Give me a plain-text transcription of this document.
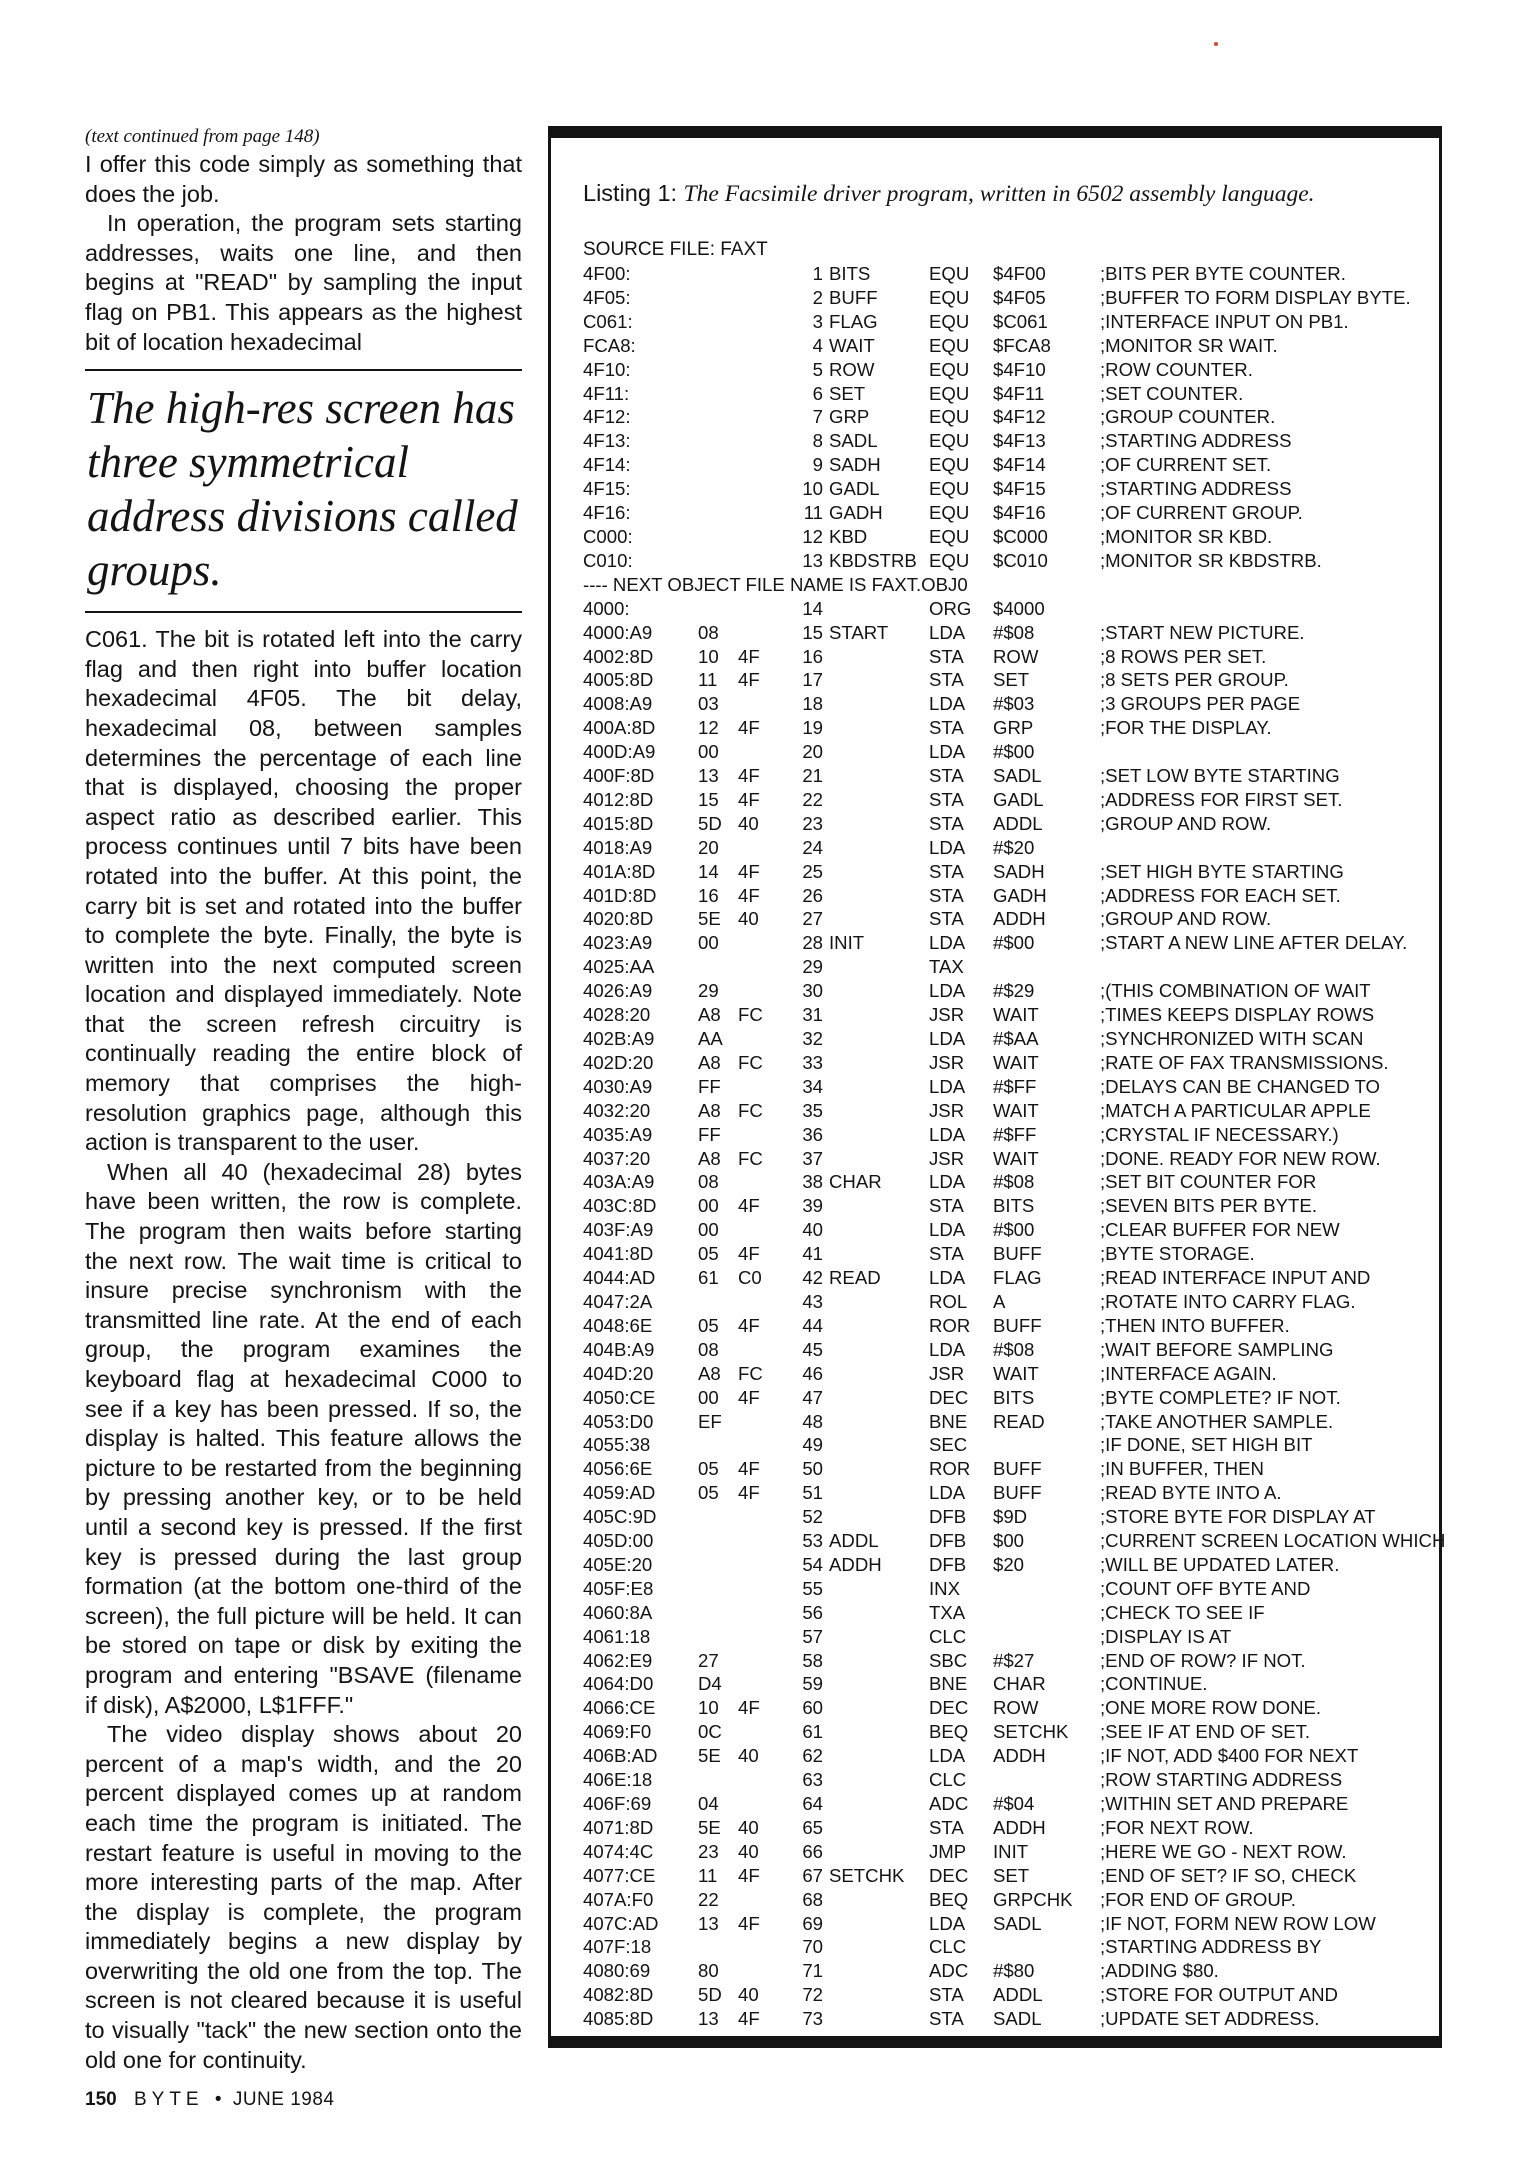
(text continued from page 148)

I offer this code simply as something that does the job.

In operation, the program sets starting addresses, waits one line, and then begins at "READ" by sampling the input flag on PB1. This appears as the highest bit of location hexadecimal

The high-res screen has three symmetrical address divisions called groups.

C061. The bit is rotated left into the carry flag and then right into buffer location hexadecimal 4F05. The bit delay, hexadecimal 08, between samples determines the percentage of each line that is displayed, choosing the proper aspect ratio as described earlier. This process continues until 7 bits have been rotated into the buffer. At this point, the carry bit is set and rotated into the buffer to complete the byte. Finally, the byte is written into the next computed screen location and displayed immediately. Note that the screen refresh circuitry is continually reading the entire block of memory that comprises the high-resolution graphics page, although this action is transparent to the user.

When all 40 (hexadecimal 28) bytes have been written, the row is complete. The program then waits before starting the next row. The wait time is critical to insure precise synchronism with the transmitted line rate. At the end of each group, the program examines the keyboard flag at hexadecimal C000 to see if a key has been pressed. If so, the display is halted. This feature allows the picture to be restarted from the beginning by pressing another key, or to be held until a second key is pressed. If the first key is pressed during the last group formation (at the bottom one-third of the screen), the full picture will be held. It can be stored on tape or disk by exiting the program and entering "BSAVE (filename if disk), A$2000, L$1FFF."

The video display shows about 20 percent of a map's width, and the 20 percent displayed comes up at random each time the program is initiated. The restart feature is useful in moving to the more interesting parts of the map. After the display is complete, the program immediately begins a new display by overwriting the old one from the top. The screen is not cleared because it is useful to visually "tack" the new section onto the old one for continuity.

Listing 1: The Facsimile driver program, written in 6502 assembly language.
SOURCE FILE: FAXT
4F00:	1 BITS	EQU	$4F00	;BITS PER BYTE COUNTER.
4F05:	2 BUFF	EQU	$4F05	;BUFFER TO FORM DISPLAY BYTE.
C061:	3 FLAG	EQU	$C061	;INTERFACE INPUT ON PB1.
FCA8:	4 WAIT	EQU	$FCA8	;MONITOR SR WAIT.
4F10:	5 ROW	EQU	$4F10	;ROW COUNTER.
4F11:	6 SET	EQU	$4F11	;SET COUNTER.
4F12:	7 GRP	EQU	$4F12	;GROUP COUNTER.
4F13:	8 SADL	EQU	$4F13	;STARTING ADDRESS
4F14:	9 SADH	EQU	$4F14	;OF CURRENT SET.
4F15:	10 GADL	EQU	$4F15	;STARTING ADDRESS
4F16:	11 GADH	EQU	$4F16	;OF CURRENT GROUP.
C000:	12 KBD	EQU	$C000	;MONITOR SR KBD.
C010:	13 KBDSTRB EQU	$C010	;MONITOR SR KBDSTRB.
---- NEXT OBJECT FILE NAME IS FAXT.OBJ0
4000:	14	ORG	$4000
4000:A9	08	15 START	LDA	#$08	;START NEW PICTURE.
4002:8D	10	4F	16	STA	ROW	;8 ROWS PER SET.
4005:8D	11	4F	17	STA	SET	;8 SETS PER GROUP.
4008:A9	03	18	LDA	#$03	;3 GROUPS PER PAGE
400A:8D	12	4F	19	STA	GRP	;FOR THE DISPLAY.
400D:A9	00	20	LDA	#$00
400F:8D	13	4F	21	STA	SADL	;SET LOW BYTE STARTING
4012:8D	15	4F	22	STA	GADL	;ADDRESS FOR FIRST SET.
4015:8D	5D 40	23	STA	ADDL	;GROUP AND ROW.
4018:A9	20	24	LDA	#$20
401A:8D	14	4F	25	STA	SADH	;SET HIGH BYTE STARTING
401D:8D	16	4F	26	STA	GADH	;ADDRESS FOR EACH SET.
4020:8D	5E 40	27	STA	ADDH	;GROUP AND ROW.
4023:A9	00	28 INIT	LDA	#$00	;START A NEW LINE AFTER DELAY.
4025:AA	29	TAX
4026:A9	29	30	LDA	#$29	;(THIS COMBINATION OF WAIT
4028:20	A8 FC	31	JSR	WAIT	;TIMES KEEPS DISPLAY ROWS
402B:A9	AA	32	LDA	#$AA	;SYNCHRONIZED WITH SCAN
402D:20	A8 FC	33	JSR	WAIT	;RATE OF FAX TRANSMISSIONS.
4030:A9	FF	34	LDA	#$FF	;DELAYS CAN BE CHANGED TO
4032:20	A8 FC	35	JSR	WAIT	;MATCH A PARTICULAR APPLE
4035:A9	FF	36	LDA	#$FF	;CRYSTAL IF NECESSARY.)
4037:20	A8 FC	37	JSR	WAIT	;DONE. READY FOR NEW ROW.
403A:A9	08	38 CHAR	LDA	#$08	;SET BIT COUNTER FOR
403C:8D	00	4F	39	STA	BITS	;SEVEN BITS PER BYTE.
403F:A9	00	40	LDA	#$00	;CLEAR BUFFER FOR NEW
4041:8D	05	4F	41	STA	BUFF	;BYTE STORAGE.
4044:AD	61	C0	42 READ	LDA	FLAG	;READ INTERFACE INPUT AND
4047:2A	43	ROL	A	;ROTATE INTO CARRY FLAG.
4048:6E	05	4F	44	ROR	BUFF	;THEN INTO BUFFER.
404B:A9	08	45	LDA	#$08	;WAIT BEFORE SAMPLING
404D:20	A8 FC	46	JSR	WAIT	;INTERFACE AGAIN.
4050:CE	00	4F	47	DEC	BITS	;BYTE COMPLETE? IF NOT.
4053:D0	EF	48	BNE	READ	;TAKE ANOTHER SAMPLE.
4055:38	49	SEC	;IF DONE, SET HIGH BIT
4056:6E	05	4F	50	ROR	BUFF	;IN BUFFER, THEN
4059:AD	05	4F	51	LDA	BUFF	;READ BYTE INTO A.
405C:9D	52	DFB	$9D	;STORE BYTE FOR DISPLAY AT
405D:00	53 ADDL	DFB	$00	;CURRENT SCREEN LOCATION WHICH
405E:20	54 ADDH	DFB	$20	;WILL BE UPDATED LATER.
405F:E8	55	INX	;COUNT OFF BYTE AND
4060:8A	56	TXA	;CHECK TO SEE IF
4061:18	57	CLC	;DISPLAY IS AT
4062:E9	27	58	SBC	#$27	;END OF ROW? IF NOT.
4064:D0	D4	59	BNE	CHAR	;CONTINUE.
4066:CE	10	4F	60	DEC	ROW	;ONE MORE ROW DONE.
4069:F0	0C	61	BEQ	SETCHK	;SEE IF AT END OF SET.
406B:AD	5E 40	62	LDA	ADDH	;IF NOT, ADD $400 FOR NEXT
406E:18	63	CLC	;ROW STARTING ADDRESS
406F:69	04	64	ADC	#$04	;WITHIN SET AND PREPARE
4071:8D	5E 40	65	STA	ADDH	;FOR NEXT ROW.
4074:4C	23	40	66	JMP	INIT	;HERE WE GO - NEXT ROW.
4077:CE	11	4F	67 SETCHK	DEC	SET	;END OF SET? IF SO, CHECK
407A:F0	22	68	BEQ	GRPCHK	;FOR END OF GROUP.
407C:AD	13	4F	69	LDA	SADL	;IF NOT, FORM NEW ROW LOW
407F:18	70	CLC	;STARTING ADDRESS BY
4080:69	80	71	ADC	#$80	;ADDING $80.
4082:8D	5D 40	72	STA	ADDL	;STORE FOR OUTPUT AND
4085:8D	13	4F	73	STA	SADL	;UPDATE SET ADDRESS.
150 BYTE • JUNE 1984
